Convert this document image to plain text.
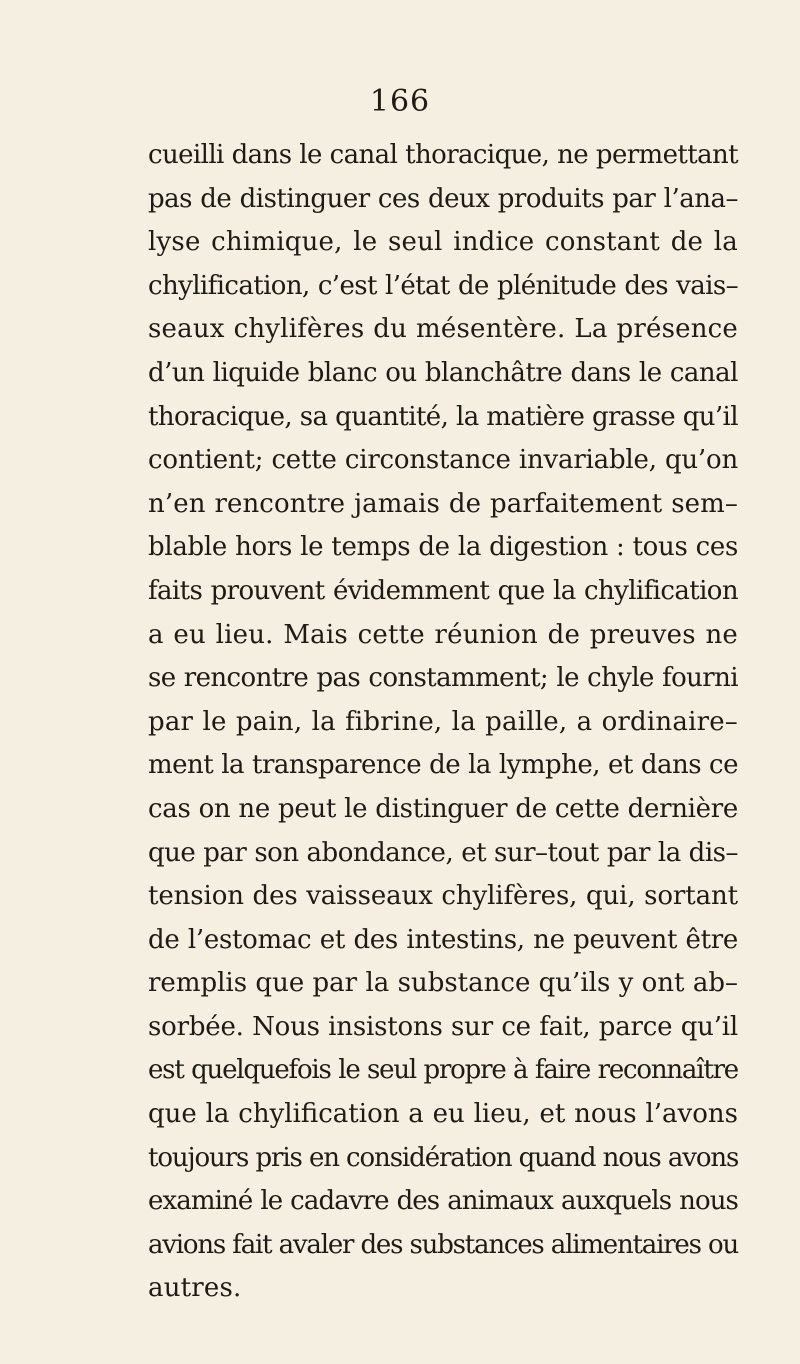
166
cueilli dans le canal thoracique, ne permettant
pas de distinguer ces deux produits par l’ana–
lyse chimique, le seul indice constant de la
chylification, c’est l’état de plénitude des vais–
seaux chylifères du mésentère. La présence
d’un liquide blanc ou blanchâtre dans le canal
thoracique, sa quantité, la matière grasse qu’il
contient; cette circonstance invariable, qu’on
n’en rencontre jamais de parfaitement sem–
blable hors le temps de la digestion : tous ces
faits prouvent évidemment que la chylification
a eu lieu. Mais cette réunion de preuves ne
se rencontre pas constamment; le chyle fourni
par le pain, la fibrine, la paille, a ordinaire–
ment la transparence de la lymphe, et dans ce
cas on ne peut le distinguer de cette dernière
que par son abondance, et sur–tout par la dis–
tension des vaisseaux chylifères, qui, sortant
de l’estomac et des intestins, ne peuvent être
remplis que par la substance qu’ils y ont ab–
sorbée. Nous insistons sur ce fait, parce qu’il
est quelquefois le seul propre à faire reconnaître
que la chylification a eu lieu, et nous l’avons
toujours pris en considération quand nous avons
examiné le cadavre des animaux auxquels nous
avions fait avaler des substances alimentaires ou
autres.
